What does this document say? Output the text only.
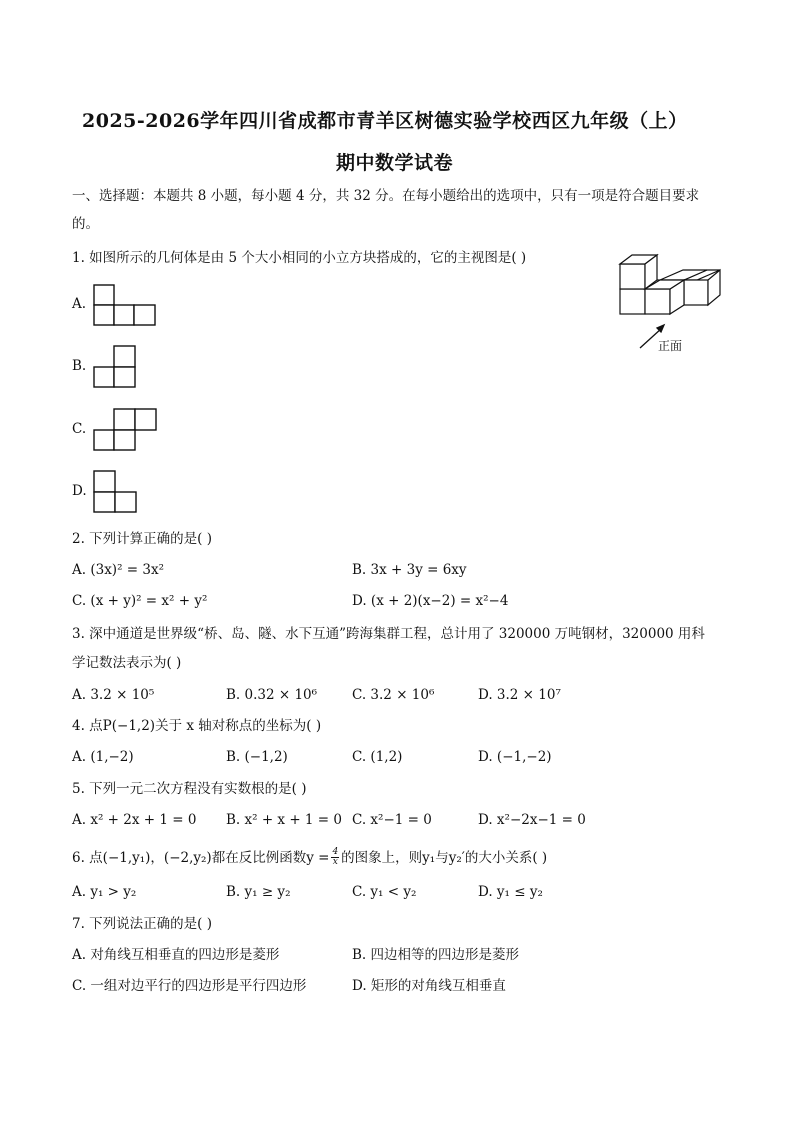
2025-2026学年四川省成都市青羊区树德实验学校西区九年级（上）
期中数学试卷
一、选择题：本题共 8 小题，每小题 4 分，共 32 分。在每小题给出的选项中，只有一项是符合题目要求
的。
1. 如图所示的几何体是由 5 个大小相同的小立方块搭成的，它的主视图是( )
正面
A.
B.
C.
D.
2. 下列计算正确的是( )
A. (3x)² = 3x²	B. 3x + 3y = 6xy
C. (x + y)² = x² + y²	D. (x + 2)(x−2) = x²−4
3. 深中通道是世界级“桥、岛、隧、水下互通”跨海集群工程，总计用了 320000 万吨钢材，320000 用科
学记数法表示为( )
A. 3.2 × 10⁵	B. 0.32 × 10⁶	C. 3.2 × 10⁶	D. 3.2 × 10⁷
4. 点P(−1,2)关于 x 轴对称点的坐标为( )
A. (1,−2)	B. (−1,2)	C. (1,2)	D. (−1,−2)
5. 下列一元二次方程没有实数根的是( )
A. x² + 2x + 1 = 0 B. x² + x + 1 = 0 C. x²−1 = 0	D. x²−2x−1 = 0
6. 点(−1,y₁)，(−2,y₂)都在反比例函数$y = \frac{4}{x}$ 的图象上，则y₁与y₂′的大小关系( )
A. y₁ > y₂	B. y₁ ≥ y₂	C. y₁ < y₂	D. y₁ ≤ y₂
7. 下列说法正确的是( )
A. 对角线互相垂直的四边形是菱形	B. 四边相等的四边形是菱形
C. 一组对边平行的四边形是平行四边形	D. 矩形的对角线互相垂直
